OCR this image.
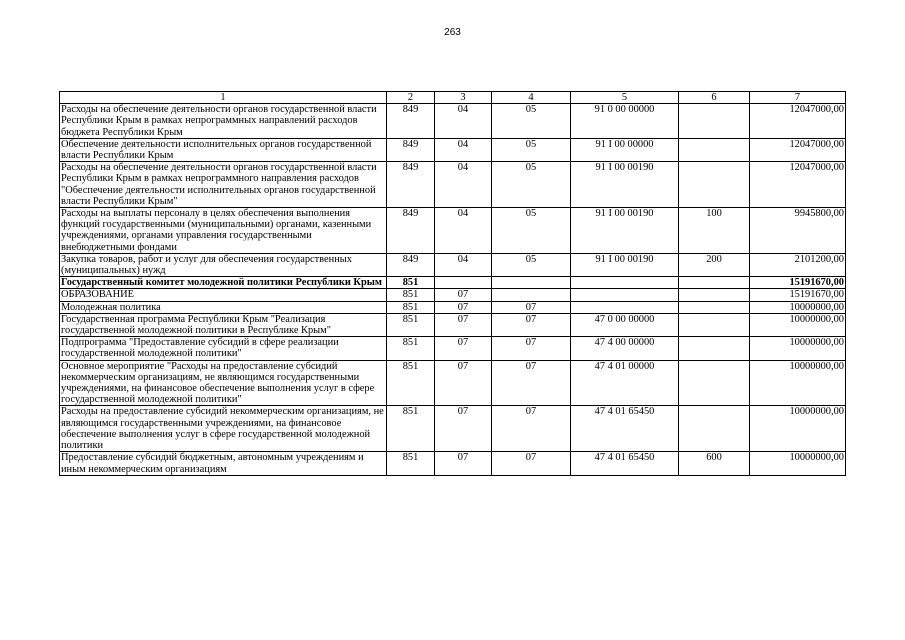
263
1	2	3	4	5	6	7
Расходы на обеспечение деятельности органов государственной власти Республики Крым в рамках непрограммных направлений расходов бюджета Республики Крым	849	04	05	91 0 00 00000		12047000,00
Обеспечение деятельности исполнительных органов государственной власти Республики Крым	849	04	05	91 I 00 00000		12047000,00
Расходы на обеспечение деятельности органов государственной власти Республики Крым в рамках непрограммного направления расходов "Обеспечение деятельности исполнительных органов государственной власти Республики Крым"	849	04	05	91 I 00 00190		12047000,00
Расходы на выплаты персоналу в целях обеспечения выполнения функций государственными (муниципальными) органами, казенными учреждениями, органами управления государственными внебюджетными фондами	849	04	05	91 I 00 00190	100	9945800,00
Закупка товаров, работ и услуг для обеспечения государственных (муниципальных) нужд	849	04	05	91 I 00 00190	200	2101200,00
Государственный комитет молодежной политики Республики Крым	851					15191670,00
ОБРАЗОВАНИЕ	851	07				15191670,00
Молодежная политика	851	07	07			10000000,00
Государственная программа Республики Крым "Реализация государственной молодежной политики в Республике Крым"	851	07	07	47 0 00 00000		10000000,00
Подпрограмма "Предоставление субсидий в сфере реализации государственной молодежной политики"	851	07	07	47 4 00 00000		10000000,00
Основное мероприятие "Расходы на предоставление субсидий некоммерческим организациям, не являющимся государственными учреждениями, на финансовое обеспечение выполнения услуг в сфере государственной молодежной политики"	851	07	07	47 4 01 00000		10000000,00
Расходы на предоставление субсидий некоммерческим организациям, не являющимся государственными учреждениями, на финансовое обеспечение выполнения услуг в сфере государственной молодежной политики	851	07	07	47 4 01 65450		10000000,00
Предоставление субсидий бюджетным, автономным учреждениям и иным некоммерческим организациям	851	07	07	47 4 01 65450	600	10000000,00
